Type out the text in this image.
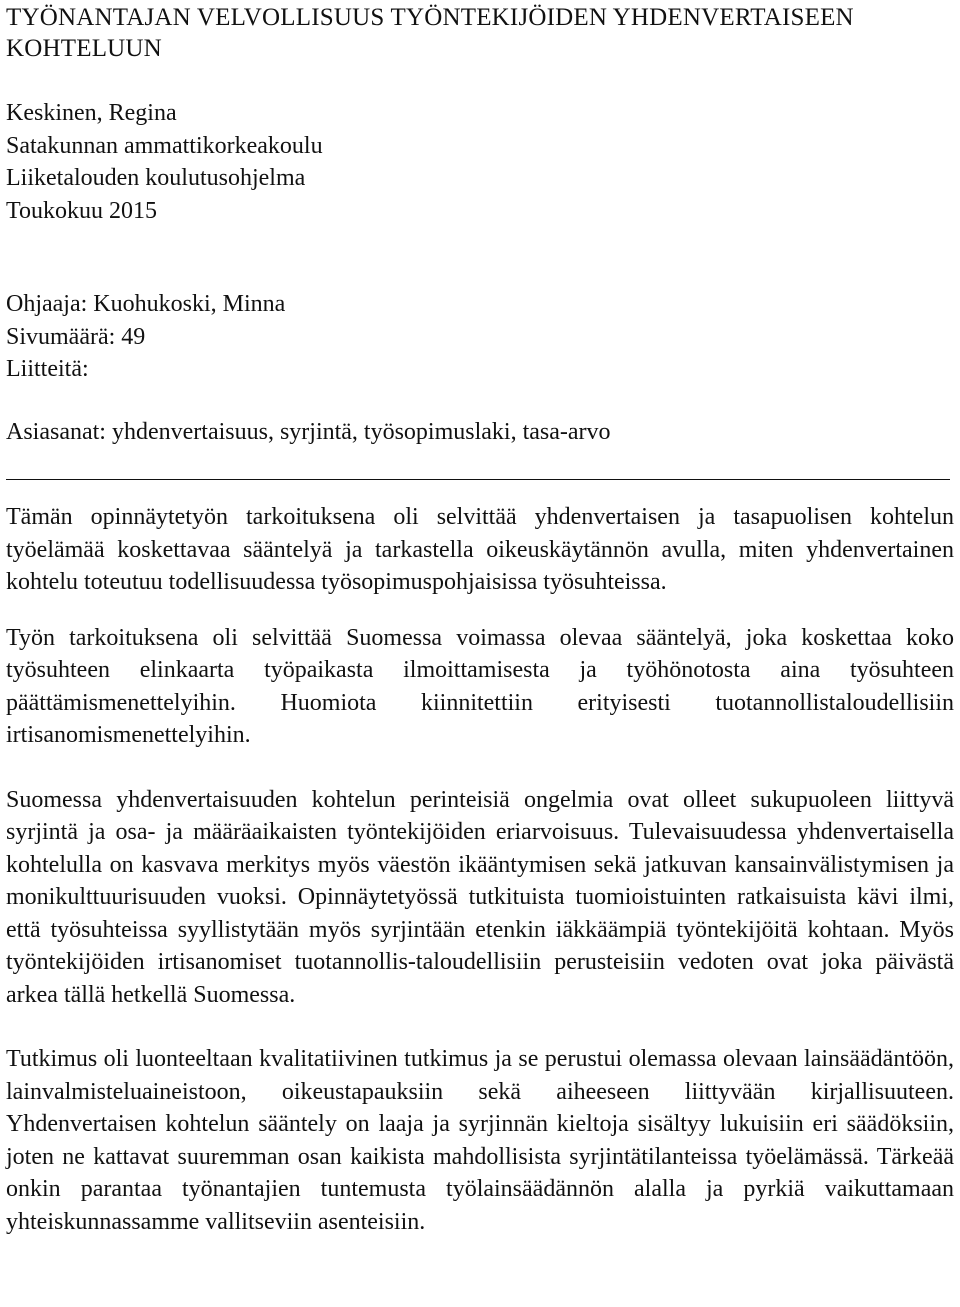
TYÖNANTAJAN VELVOLLISUUS TYÖNTEKIJÖIDEN YHDENVERTAISEEN KOHTELUUN

Keskinen, Regina

Satakunnan ammattikorkeakoulu

Liiketalouden koulutusohjelma

Toukokuu 2015

Ohjaaja: Kuohukoski, Minna

Sivumäärä: 49

Liitteitä:

Asiasanat: yhdenvertaisuus, syrjintä, työsopimuslaki, tasa-arvo

Tämän opinnäytetyön tarkoituksena oli selvittää yhdenvertaisen ja tasapuolisen kohtelun työelämää koskettavaa sääntelyä ja tarkastella oikeuskäytännön avulla, miten yhdenvertainen kohtelu toteutuu todellisuudessa työsopimuspohjaisissa työsuhteissa.

Työn tarkoituksena oli selvittää Suomessa voimassa olevaa sääntelyä, joka koskettaa koko työsuhteen elinkaarta työpaikasta ilmoittamisesta ja työhönotosta aina työsuhteen päättämismenettelyihin. Huomiota kiinnitettiin erityisesti tuotannollistaloudellisiin irtisanomismenettelyihin.

Suomessa yhdenvertaisuuden kohtelun perinteisiä ongelmia ovat olleet sukupuoleen liittyvä syrjintä ja osa- ja määräaikaisten työntekijöiden eriarvoisuus. Tulevaisuudessa yhdenvertaisella kohtelulla on kasvava merkitys myös väestön ikääntymisen sekä jatkuvan kansainvälistymisen ja monikulttuurisuuden vuoksi. Opinnäytetyössä tutkituista tuomioistuinten ratkaisuista kävi ilmi, että työsuhteissa syyllistytään myös syrjintään etenkin iäkkäämpiä työntekijöitä kohtaan. Myös työntekijöiden irtisanomiset tuotannollis-taloudellisiin perusteisiin vedoten ovat joka päivästä arkea tällä hetkellä Suomessa.

Tutkimus oli luonteeltaan kvalitatiivinen tutkimus ja se perustui olemassa olevaan lainsäädäntöön, lainvalmisteluaineistoon, oikeustapauksiin sekä aiheeseen liittyvään kirjallisuuteen. Yhdenvertaisen kohtelun sääntely on laaja ja syrjinnän kieltoja sisältyy lukuisiin eri säädöksiin, joten ne kattavat suuremman osan kaikista mahdollisista syrjintätilanteissa työelämässä. Tärkeää onkin parantaa työnantajien tuntemusta työlainsäädännön alalla ja pyrkiä vaikuttamaan yhteiskunnassamme vallitseviin asenteisiin.
